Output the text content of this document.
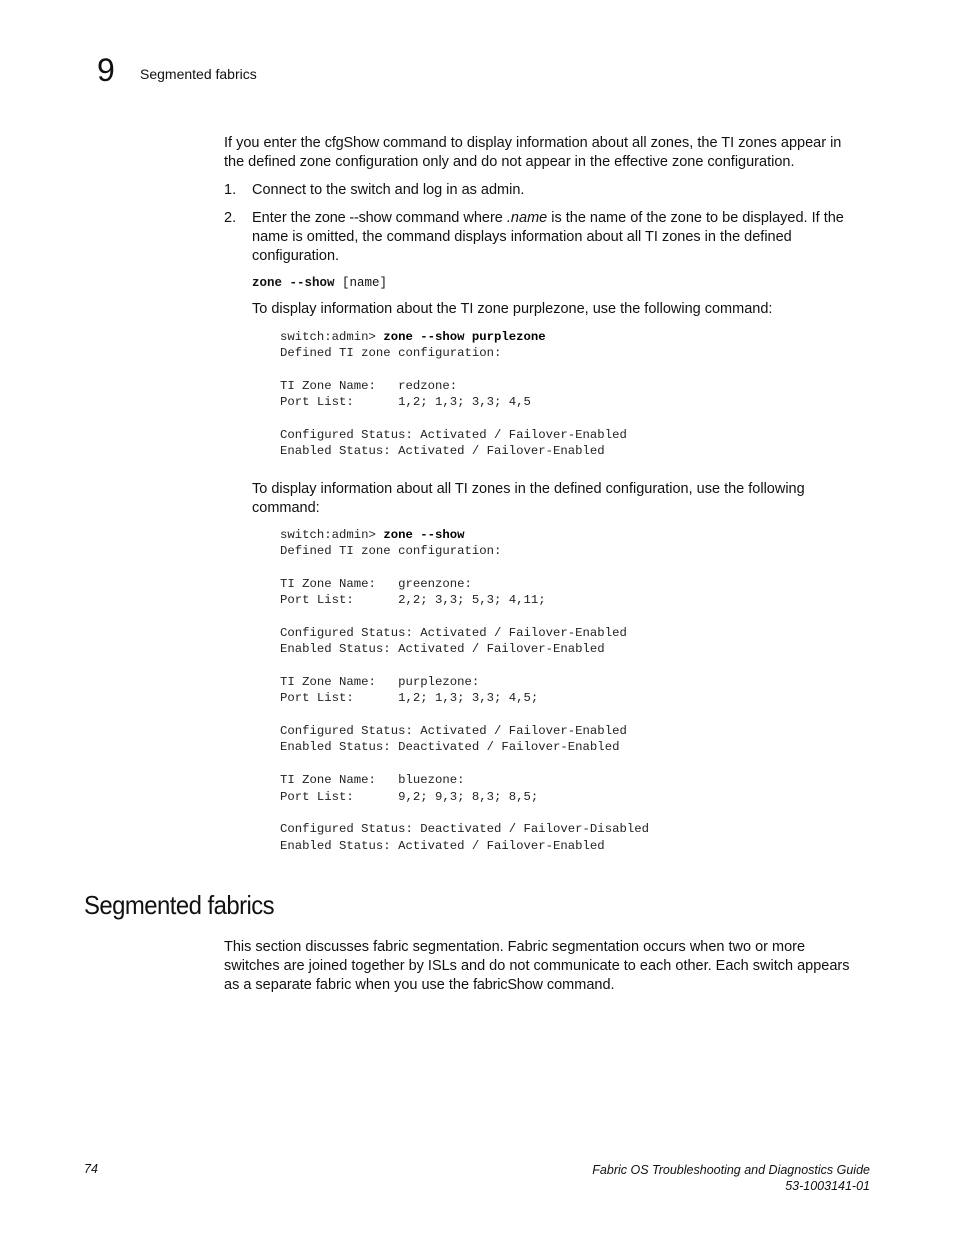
9 Segmented fabrics
If you enter the cfgShow command to display information about all zones, the TI zones appear in the defined zone configuration only and do not appear in the effective zone configuration.
1. Connect to the switch and log in as admin.
2. Enter the zone --show command where .name is the name of the zone to be displayed. If the name is omitted, the command displays information about all TI zones in the defined configuration.
zone --show [name]
To display information about the TI zone purplezone, use the following command:
switch:admin> zone --show purplezone
Defined TI zone configuration:

TI Zone Name:   redzone:
Port List:      1,2; 1,3; 3,3; 4,5

Configured Status: Activated / Failover-Enabled
Enabled Status: Activated / Failover-Enabled
To display information about all TI zones in the defined configuration, use the following command:
switch:admin> zone --show
Defined TI zone configuration:

TI Zone Name:   greenzone:
Port List:      2,2; 3,3; 5,3; 4,11;

Configured Status: Activated / Failover-Enabled
Enabled Status: Activated / Failover-Enabled

TI Zone Name:   purplezone:
Port List:      1,2; 1,3; 3,3; 4,5;

Configured Status: Activated / Failover-Enabled
Enabled Status: Deactivated / Failover-Enabled

TI Zone Name:   bluezone:
Port List:      9,2; 9,3; 8,3; 8,5;

Configured Status: Deactivated / Failover-Disabled
Enabled Status: Activated / Failover-Enabled
Segmented fabrics
This section discusses fabric segmentation. Fabric segmentation occurs when two or more switches are joined together by ISLs and do not communicate to each other. Each switch appears as a separate fabric when you use the fabricShow command.
74	Fabric OS Troubleshooting and Diagnostics Guide
53-1003141-01
